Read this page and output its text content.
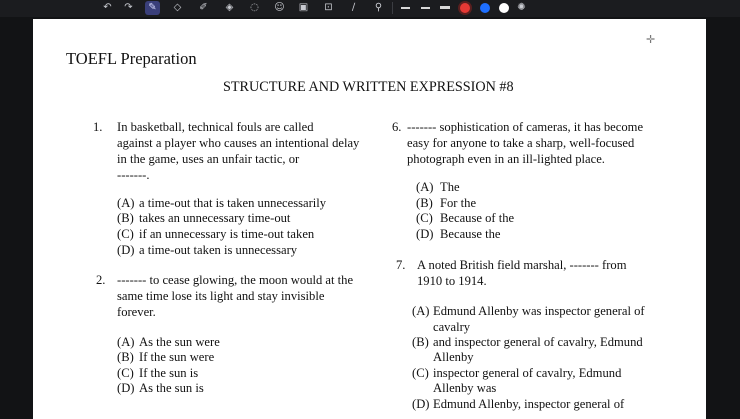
↶	↷	✎	◇	✐	◈	◌	☺ ▣	⊡	∕	⚲	✺
✛
TOEFL Preparation
STRUCTURE AND WRITTEN EXPRESSION #8
1. In basketball, technical fouls are called
against a player who causes an intentional delay
in the game, uses an unfair tactic, or
-------.
(A) a time-out that is taken unnecessarily
(B) takes an unnecessary time-out
(C) if an unnecessary is time-out taken
(D) a time-out taken is unnecessary
2. ------- to cease glowing, the moon would at the
same time lose its light and stay invisible
forever.
(A) As the sun were
(B) If the sun were
(C) If the sun is
(D) As the sun is
6. ------- sophistication of cameras, it has become
easy for anyone to take a sharp, well-focused
photograph even in an ill-lighted place.
(A) The
(B) For the
(C) Because of the
(D) Because the
7. A noted British field marshal, ------- from
1910 to 1914.
(A) Edmund Allenby was inspector general of
cavalry
(B) and inspector general of cavalry, Edmund
Allenby
(C) inspector general of cavalry, Edmund
Allenby was
(D) Edmund Allenby, inspector general of
